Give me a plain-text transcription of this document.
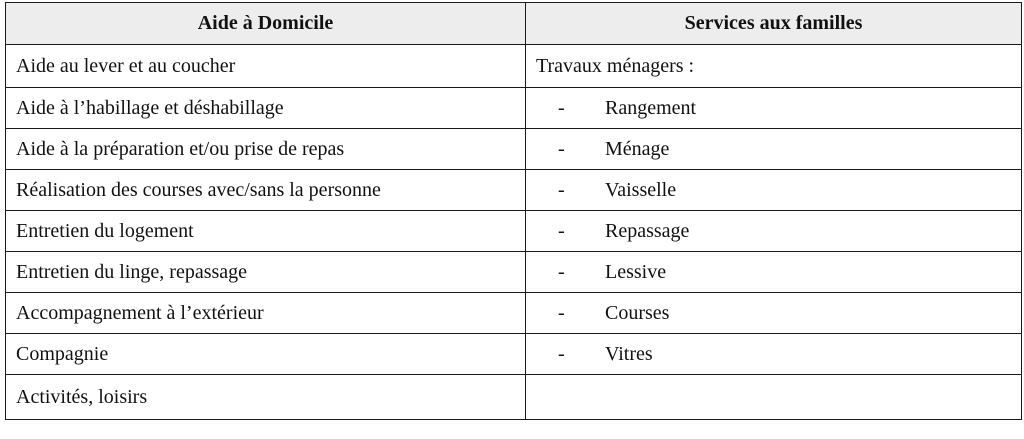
Aide à Domicile	Services aux familles
Aide au lever et au coucher	Travaux ménagers :
Aide à l’habillage et déshabillage	- Rangement
Aide à la préparation et/ou prise de repas	- Ménage
Réalisation des courses avec/sans la personne	- Vaisselle
Entretien du logement	- Repassage
Entretien du linge, repassage	- Lessive
Accompagnement à l’extérieur	- Courses
Compagnie	- Vitres
Activités, loisirs	
